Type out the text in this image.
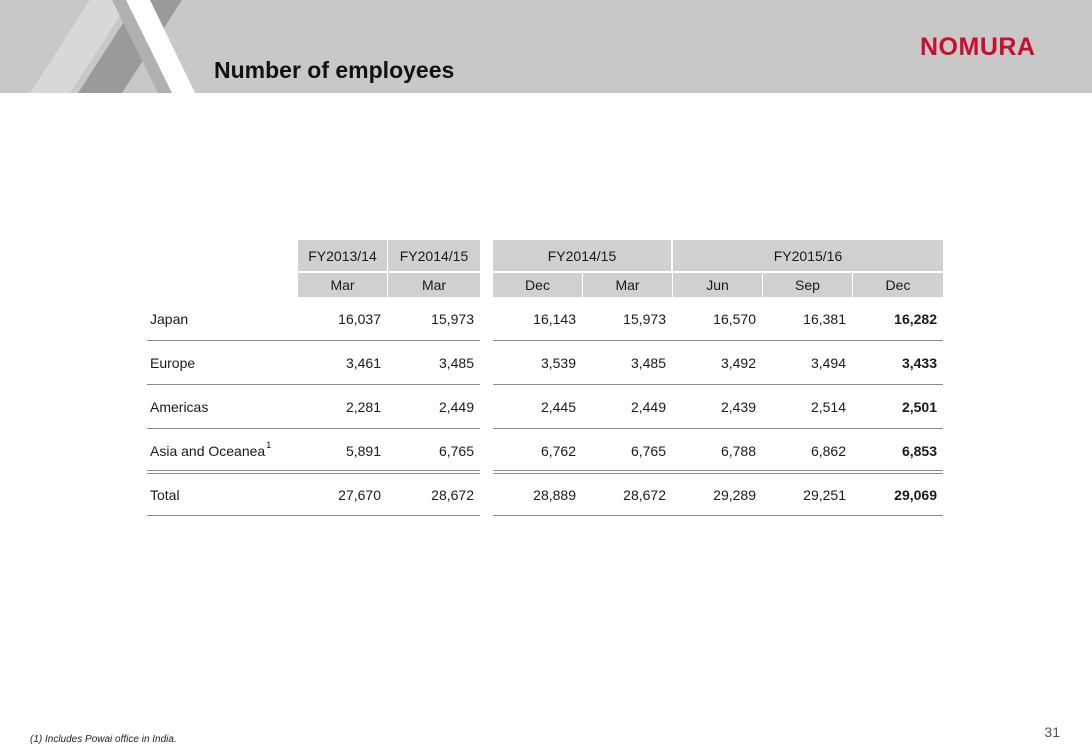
Number of employees
NOMURA
FY2013/14	FY2014/15	FY2014/15	FY2015/16
Mar	Mar	Dec	Mar	Jun	Sep	Dec
Japan	16,037	15,973	16,143	15,973	16,570	16,381	16,282
Europe	3,461	3,485	3,539	3,485	3,492	3,494	3,433
Americas	2,281	2,449	2,445	2,449	2,439	2,514	2,501
Asia and Oceanea 1	5,891	6,765	6,762	6,765	6,788	6,862	6,853
Total	27,670	28,672	28,889	28,672	29,289	29,251	29,069
(1) Includes Powai office in India.	31
